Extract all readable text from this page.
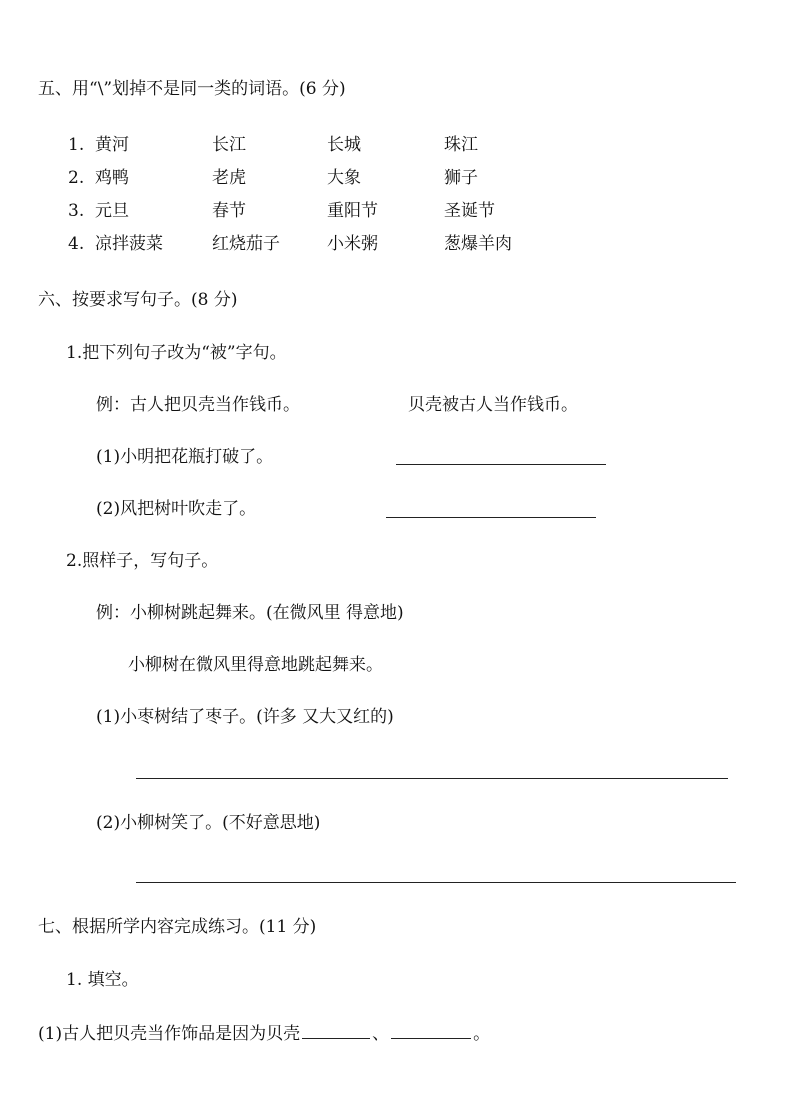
五、用“\”划掉不是同一类的词语。(6 分)
1. 黄河	长江	长城	珠江
2. 鸡鸭	老虎	大象	狮子
3. 元旦	春节	重阳节	圣诞节
4. 凉拌菠菜	红烧茄子	小米粥	葱爆羊肉
六、按要求写句子。(8 分)
1.把下列句子改为“被”字句。
例：古人把贝壳当作钱币。	贝壳被古人当作钱币。
(1)小明把花瓶打破了。
(2)风把树叶吹走了。
2.照样子，写句子。
例：小柳树跳起舞来。(在微风里 得意地)
小柳树在微风里得意地跳起舞来。
(1)小枣树结了枣子。(许多 又大又红的)
(2)小柳树笑了。(不好意思地)
七、根据所学内容完成练习。(11 分)
1. 填空。
(1)古人把贝壳当作饰品是因为贝壳	、	。
